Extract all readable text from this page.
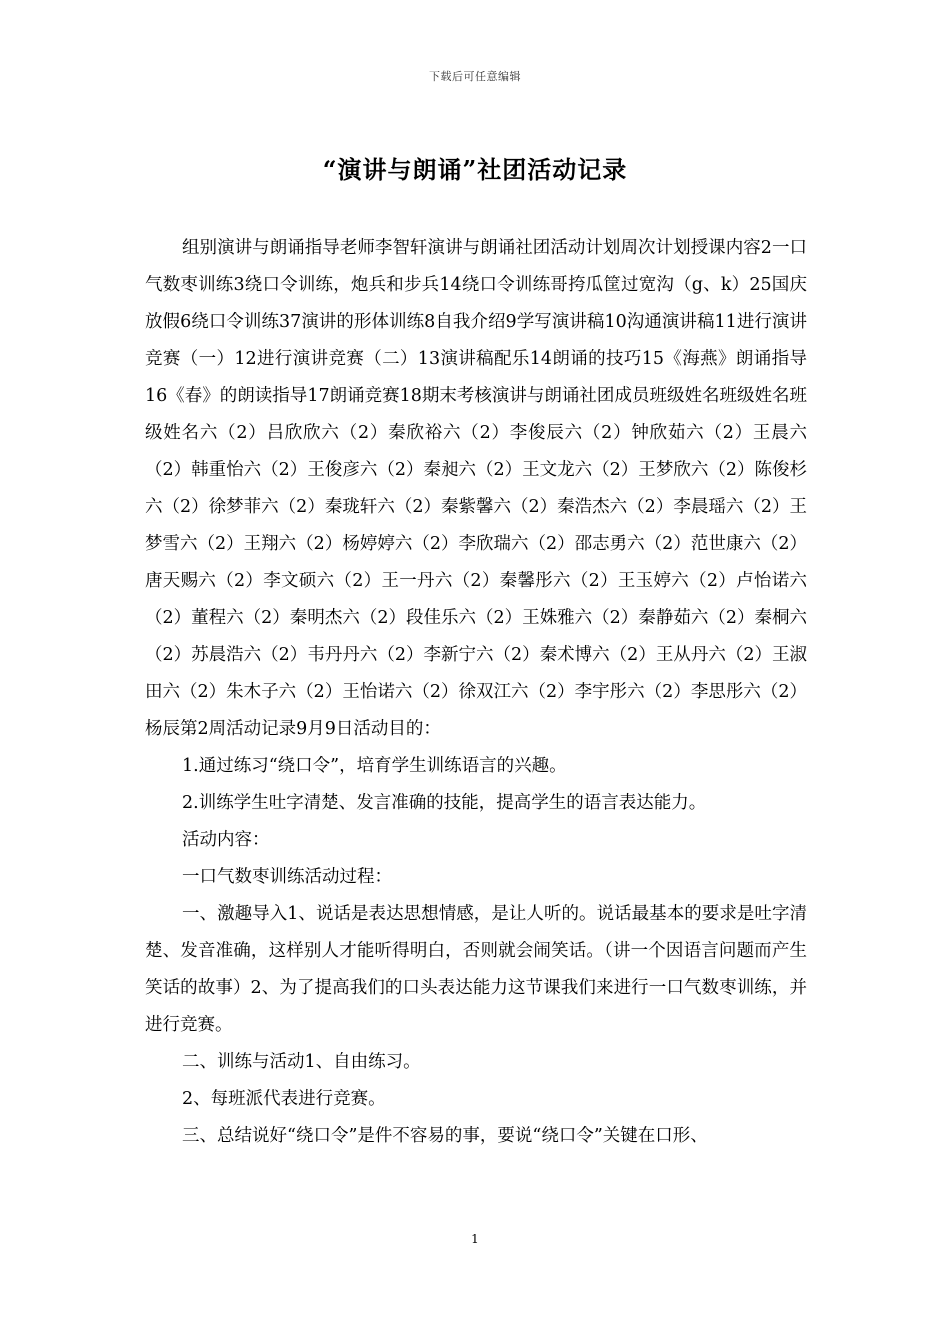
下载后可任意编辑
“演讲与朗诵”社团活动记录

组别演讲与朗诵指导老师李智轩演讲与朗诵社团活动计划周次计划授课内容2一口气数枣训练3绕口令训练，炮兵和步兵14绕口令训练哥挎瓜筐过宽沟（g、k）25国庆放假6绕口令训练37演讲的形体训练8自我介绍9学写演讲稿10沟通演讲稿11进行演讲竞赛（一）12进行演讲竞赛（二）13演讲稿配乐14朗诵的技巧15《海燕》朗诵指导16《春》的朗读指导17朗诵竞赛18期末考核演讲与朗诵社团成员班级姓名班级姓名班级姓名六（2）吕欣欣六（2）秦欣裕六（2）李俊辰六（2）钟欣茹六（2）王晨六（2）韩重怡六（2）王俊彦六（2）秦昶六（2）王文龙六（2）王梦欣六（2）陈俊杉六（2）徐梦菲六（2）秦珑轩六（2）秦紫馨六（2）秦浩杰六（2）李晨瑶六（2）王梦雪六（2）王翔六（2）杨婷婷六（2）李欣瑞六（2）邵志勇六（2）范世康六（2）唐天赐六（2）李文硕六（2）王一丹六（2）秦馨彤六（2）王玉婷六（2）卢怡诺六（2）董程六（2）秦明杰六（2）段佳乐六（2）王姝雅六（2）秦静茹六（2）秦桐六（2）苏晨浩六（2）韦丹丹六（2）李新宁六（2）秦术博六（2）王从丹六（2）王淑田六（2）朱木子六（2）王怡诺六（2）徐双江六（2）李宇彤六（2）李思彤六（2）杨辰第2周活动记录9月9日活动目的：

1.通过练习“绕口令”，培育学生训练语言的兴趣。

2.训练学生吐字清楚、发言准确的技能，提高学生的语言表达能力。

活动内容：

一口气数枣训练活动过程：

一、激趣导入1、说话是表达思想情感，是让人听的。说话最基本的要求是吐字清楚、发音准确，这样别人才能听得明白，否则就会闹笑话。（讲一个因语言问题而产生笑话的故事）2、为了提高我们的口头表达能力这节课我们来进行一口气数枣训练，并进行竞赛。

二、训练与活动1、自由练习。

2、每班派代表进行竞赛。

三、总结说好“绕口令”是件不容易的事，要说“绕口令”关键在口形、

1
